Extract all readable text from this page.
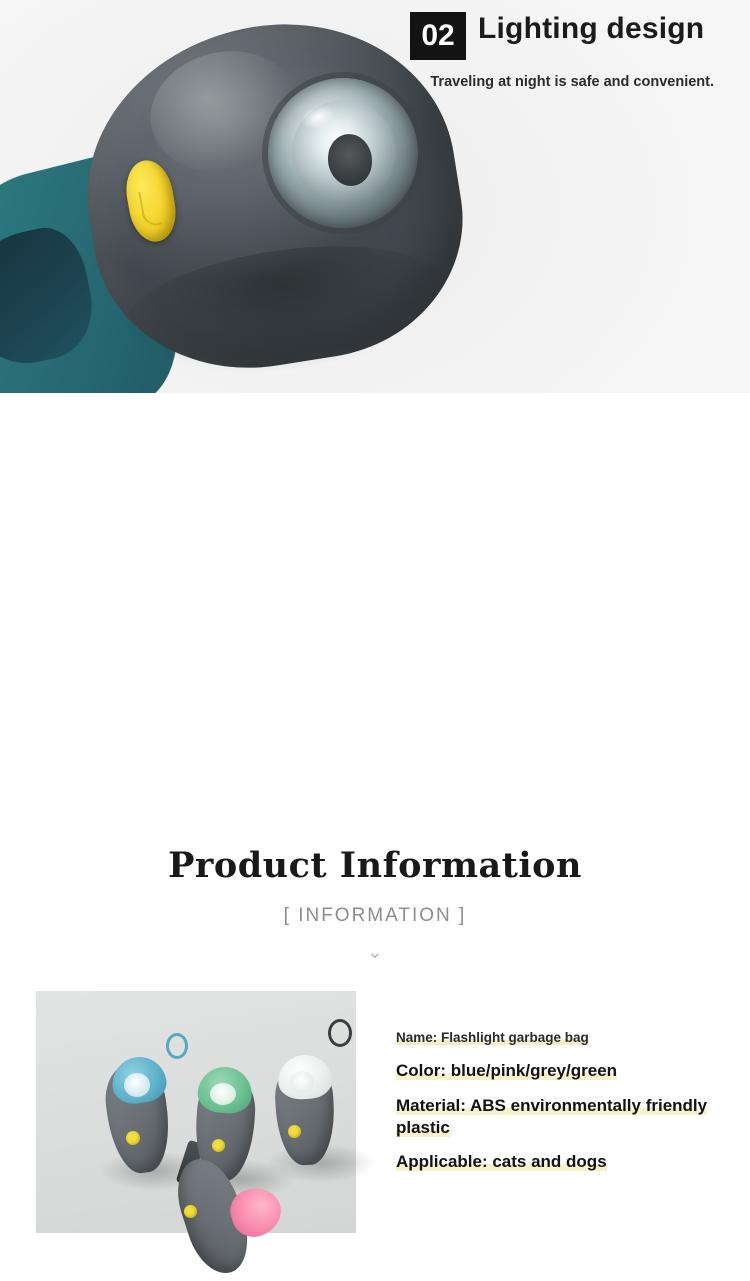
02 Lighting design
Traveling at night is safe and convenient.
Product Information
[ INFORMATION ]
⌄
Name: Flashlight garbage bag
Color: blue/pink/grey/green
Material: ABS environmentally friendly plastic
Applicable: cats and dogs
